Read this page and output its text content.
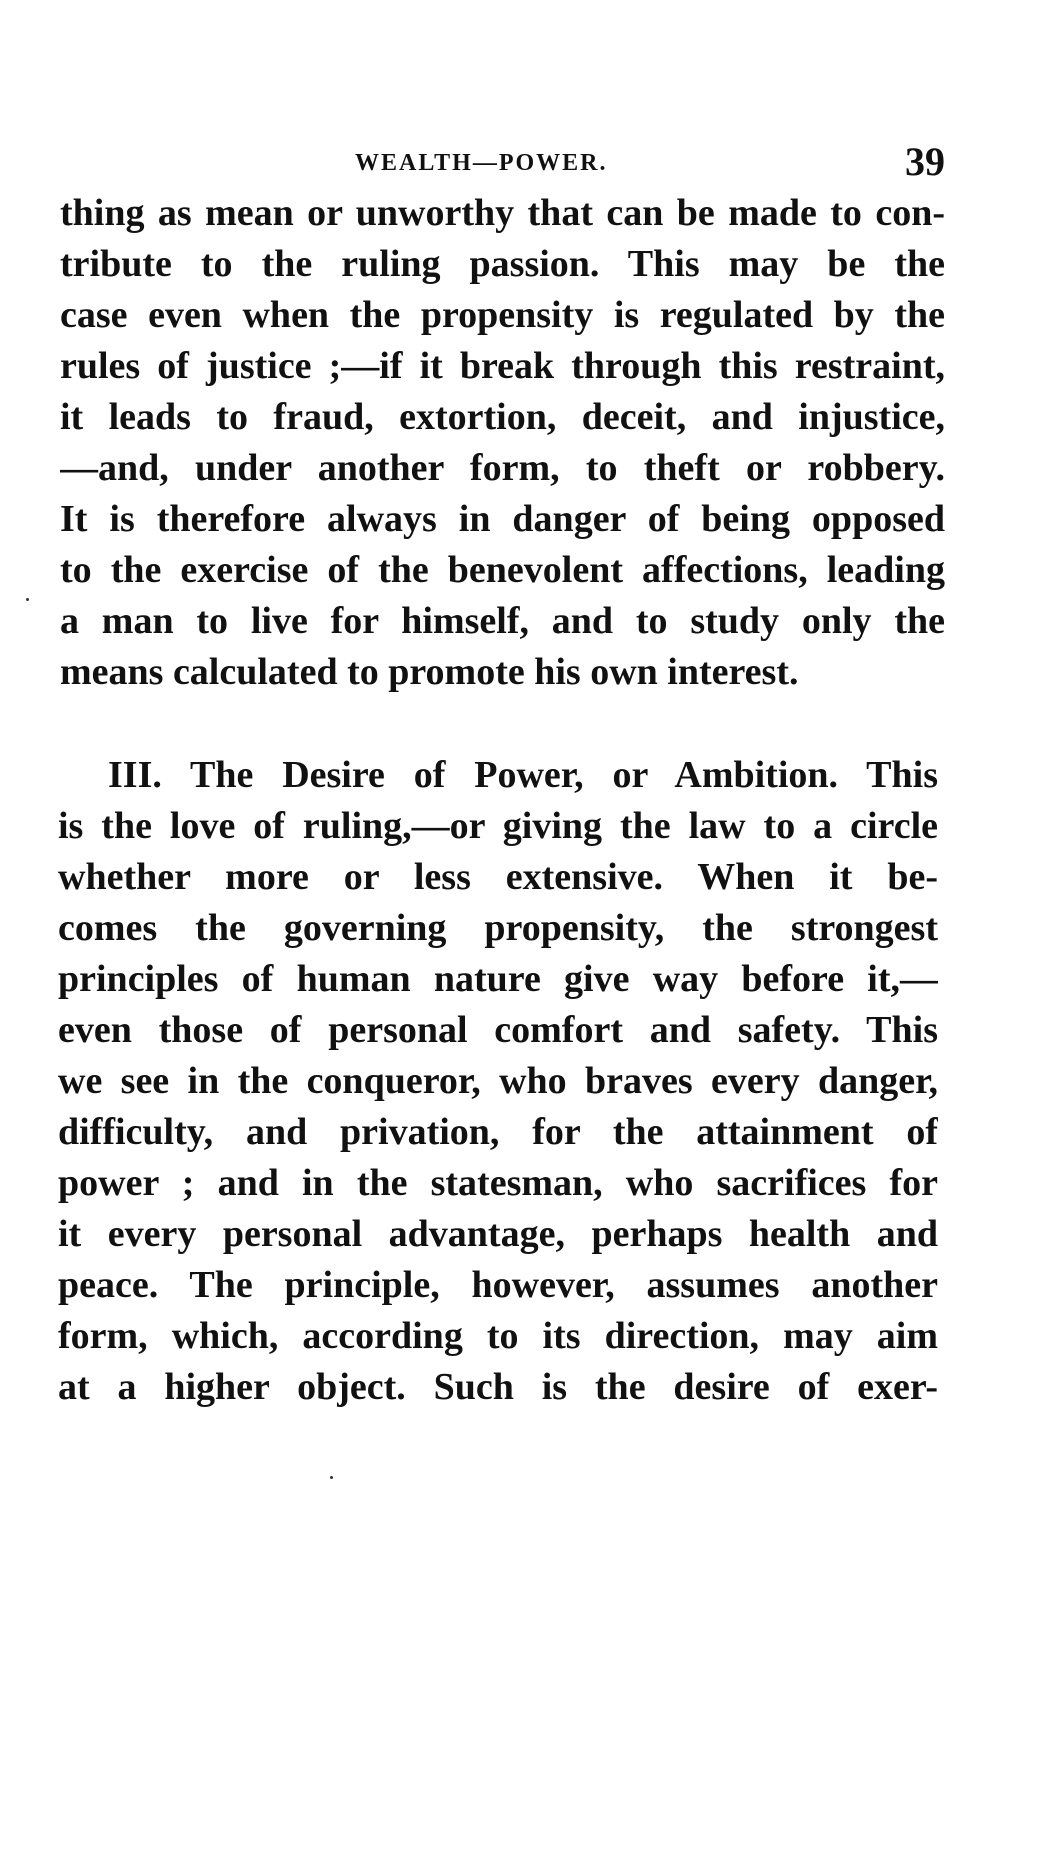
WEALTH—POWER.	39
thing as mean or unworthy that can be made to con-
tribute to the ruling passion. This may be the
case even when the propensity is regulated by the
rules of justice ;—if it break through this restraint,
it leads to fraud, extortion, deceit, and injustice,
—and, under another form, to theft or robbery.
It is therefore always in danger of being opposed
to the exercise of the benevolent affections, leading
a man to live for himself, and to study only the
means calculated to promote his own interest.
III. The Desire of Power, or Ambition. This
is the love of ruling,—or giving the law to a circle
whether more or less extensive. When it be-
comes the governing propensity, the strongest
principles of human nature give way before it,—
even those of personal comfort and safety. This
we see in the conqueror, who braves every danger,
difficulty, and privation, for the attainment of
power ; and in the statesman, who sacrifices for
it every personal advantage, perhaps health and
peace. The principle, however, assumes another
form, which, according to its direction, may aim
at a higher object. Such is the desire of exer-
